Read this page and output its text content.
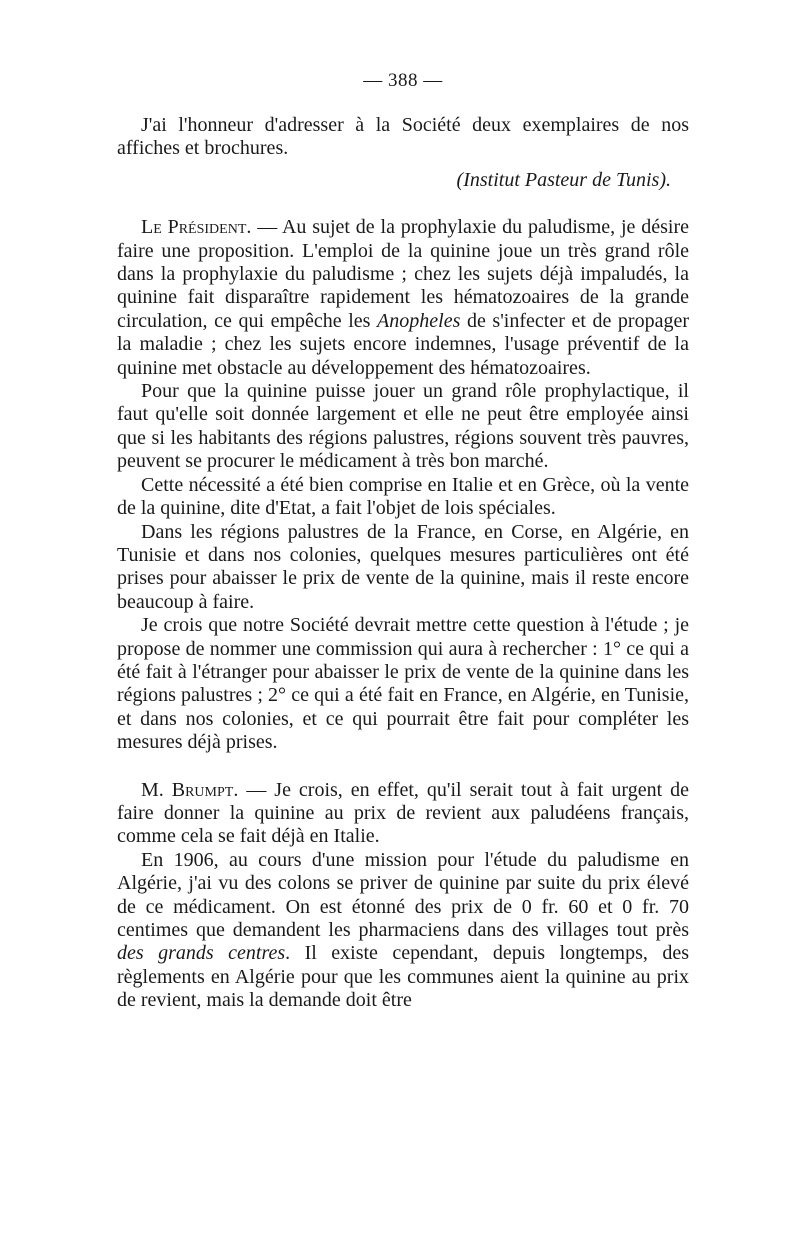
— 388 —

J'ai l'honneur d'adresser à la Société deux exemplaires de nos affiches et brochures.

(Institut Pasteur de Tunis).

Le Président. — Au sujet de la prophylaxie du paludisme, je désire faire une proposition. L'emploi de la quinine joue un très grand rôle dans la prophylaxie du paludisme ; chez les sujets déjà impaludés, la quinine fait disparaître rapidement les hématozoaires de la grande circulation, ce qui empêche les Anopheles de s'infecter et de propager la maladie ; chez les sujets encore indemnes, l'usage préventif de la quinine met obstacle au développement des hématozoaires.

Pour que la quinine puisse jouer un grand rôle prophylactique, il faut qu'elle soit donnée largement et elle ne peut être employée ainsi que si les habitants des régions palustres, régions souvent très pauvres, peuvent se procurer le médicament à très bon marché.

Cette nécessité a été bien comprise en Italie et en Grèce, où la vente de la quinine, dite d'Etat, a fait l'objet de lois spéciales.

Dans les régions palustres de la France, en Corse, en Algérie, en Tunisie et dans nos colonies, quelques mesures particulières ont été prises pour abaisser le prix de vente de la quinine, mais il reste encore beaucoup à faire.

Je crois que notre Société devrait mettre cette question à l'étude ; je propose de nommer une commission qui aura à rechercher : 1° ce qui a été fait à l'étranger pour abaisser le prix de vente de la quinine dans les régions palustres ; 2° ce qui a été fait en France, en Algérie, en Tunisie, et dans nos colonies, et ce qui pourrait être fait pour compléter les mesures déjà prises.

M. Brumpt. — Je crois, en effet, qu'il serait tout à fait urgent de faire donner la quinine au prix de revient aux paludéens français, comme cela se fait déjà en Italie.

En 1906, au cours d'une mission pour l'étude du paludisme en Algérie, j'ai vu des colons se priver de quinine par suite du prix élevé de ce médicament. On est étonné des prix de 0 fr. 60 et 0 fr. 70 centimes que demandent les pharmaciens dans des villages tout près des grands centres. Il existe cependant, depuis longtemps, des règlements en Algérie pour que les communes aient la quinine au prix de revient, mais la demande doit être
